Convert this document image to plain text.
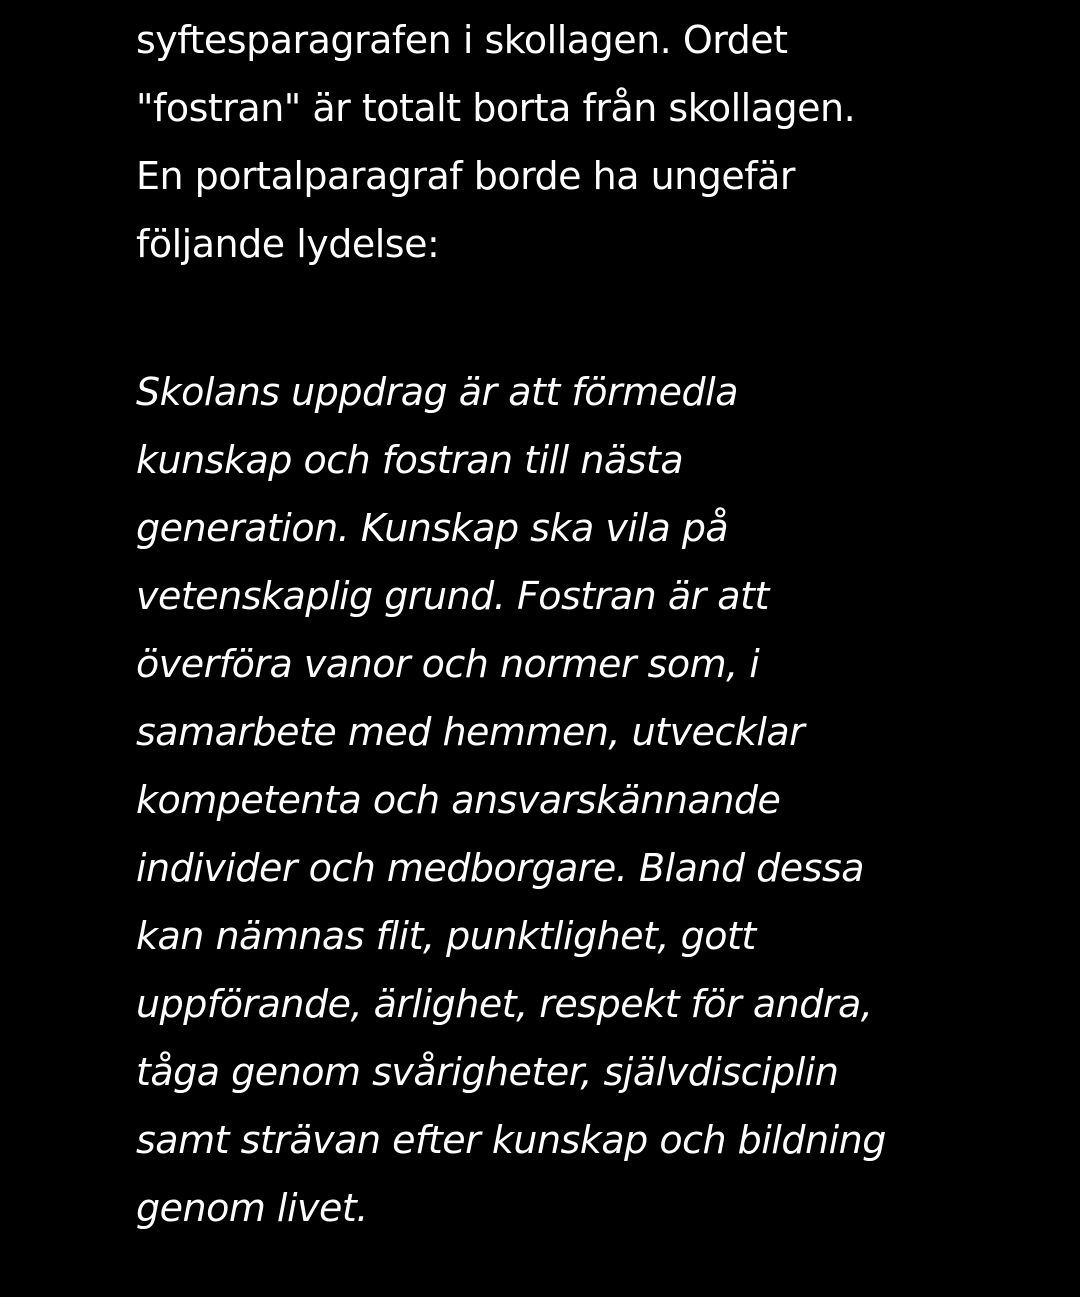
syftesparagrafen i skollagen. Ordet
"fostran" är totalt borta från skollagen.
En portalparagraf borde ha ungefär
följande lydelse:

Skolans uppdrag är att förmedla
kunskap och fostran till nästa
generation. Kunskap ska vila på
vetenskaplig grund. Fostran är att
överföra vanor och normer som, i
samarbete med hemmen, utvecklar
kompetenta och ansvarskännande
individer och medborgare. Bland dessa
kan nämnas flit, punktlighet, gott
uppförande, ärlighet, respekt för andra,
tåga genom svårigheter, självdisciplin
samt strävan efter kunskap och bildning
genom livet.
